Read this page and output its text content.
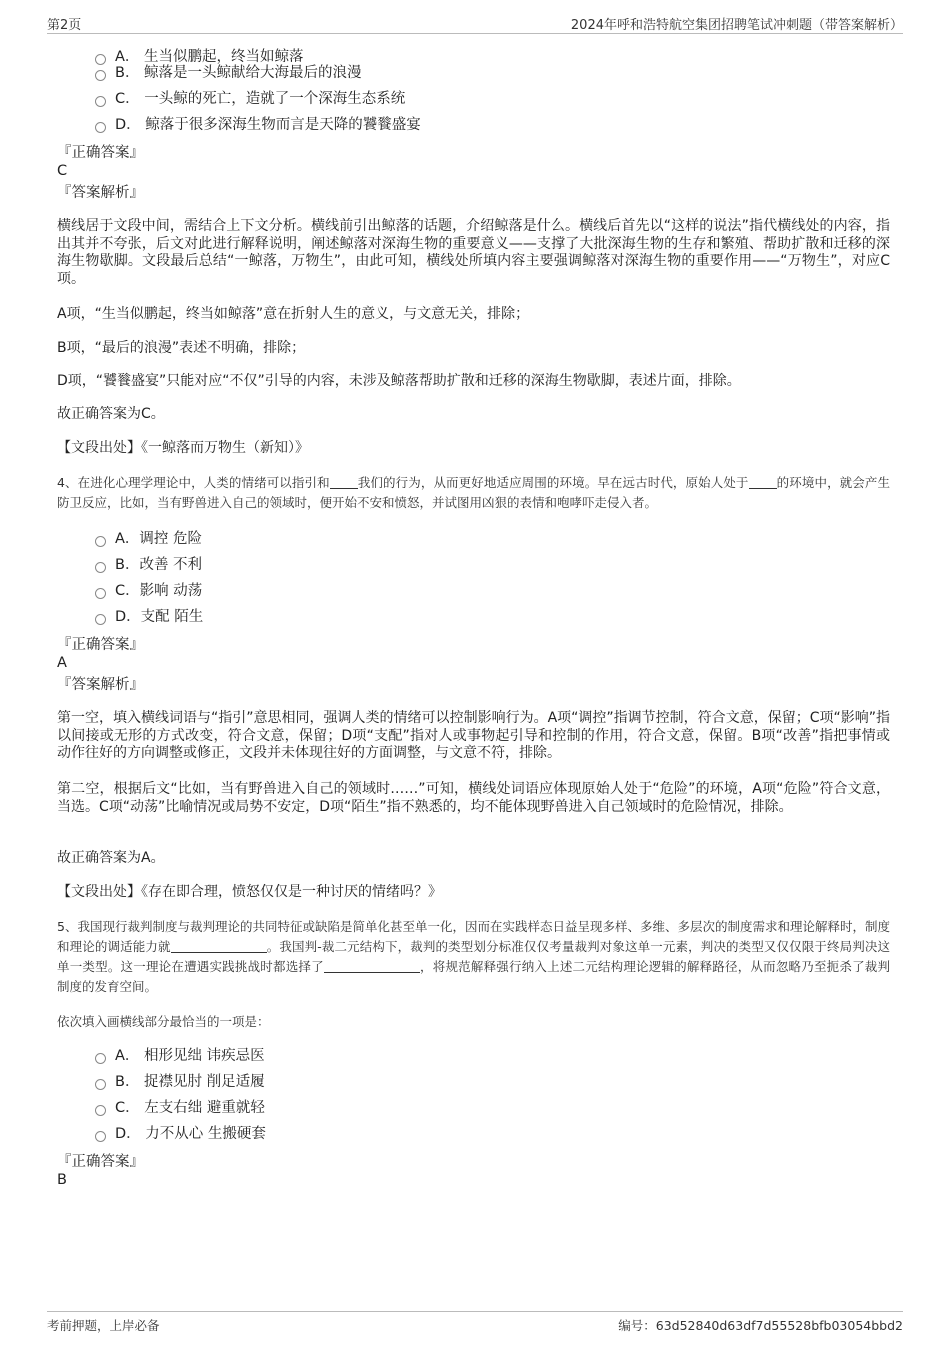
第2页	2024年呼和浩特航空集团招聘笔试冲刺题（带答案解析）
A． 生当似鹏起，终当如鲸落
B． 鲸落是一头鲸献给大海最后的浪漫
C． 一头鲸的死亡，造就了一个深海生态系统
D． 鲸落于很多深海生物而言是天降的饕餮盛宴
『正确答案』
C
『答案解析』
横线居于文段中间，需结合上下文分析。横线前引出鲸落的话题，介绍鲸落是什么。横线后首先以“这样的说法”指代横线处的内容，指出其并不夸张，后文对此进行解释说明，阐述鲸落对深海生物的重要意义——支撑了大批深海生物的生存和繁殖、帮助扩散和迁移的深海生物歇脚。文段最后总结“一鲸落，万物生”，由此可知，横线处所填内容主要强调鲸落对深海生物的重要作用——“万物生”，对应C项。
A项，“生当似鹏起，终当如鲸落”意在折射人生的意义，与文意无关，排除；
B项，“最后的浪漫”表述不明确，排除；
D项，“饕餮盛宴”只能对应“不仅”引导的内容，未涉及鲸落帮助扩散和迁移的深海生物歇脚，表述片面，排除。
故正确答案为C。
【文段出处】《一鲸落而万物生（新知）》
4、在进化心理学理论中，人类的情绪可以指引和 我们的行为，从而更好地适应周围的环境。早在远古时代，原始人处于 的环境中，就会产生防卫反应，比如，当有野兽进入自己的领域时，便开始不安和愤怒，并试图用凶狠的表情和咆哮吓走侵入者。
A．调控 危险
B．改善 不利
C．影响 动荡
D．支配 陌生
『正确答案』
A
『答案解析』
第一空，填入横线词语与“指引”意思相同，强调人类的情绪可以控制影响行为。A项“调控”指调节控制，符合文意，保留；C项“影响”指以间接或无形的方式改变，符合文意，保留；D项“支配”指对人或事物起引导和控制的作用，符合文意，保留。B项“改善”指把事情或动作往好的方向调整或修正，文段并未体现往好的方面调整，与文意不符，排除。
第二空，根据后文“比如，当有野兽进入自己的领域时……”可知，横线处词语应体现原始人处于“危险”的环境，A项“危险”符合文意，当选。C项“动荡”比喻情况或局势不安定，D项“陌生”指不熟悉的，均不能体现野兽进入自己领域时的危险情况，排除。
故正确答案为A。
【文段出处】《存在即合理，愤怒仅仅是一种讨厌的情绪吗？》
5、我国现行裁判制度与裁判理论的共同特征或缺陷是简单化甚至单一化，因而在实践样态日益呈现多样、多维、多层次的制度需求和理论解释时，制度和理论的调适能力就	。我国判-裁二元结构下，裁判的类型划分标准仅仅考量裁判对象这单一元素，判决的类型又仅仅限于终局判决这单一类型。这一理论在遭遇实践挑战时都选择了	，将规范解释强行纳入上述二元结构理论逻辑的解释路径，从而忽略乃至扼杀了裁判制度的发育空间。
依次填入画横线部分最恰当的一项是：
A． 相形见绌 讳疾忌医
B． 捉襟见肘 削足适履
C． 左支右绌 避重就轻
D． 力不从心 生搬硬套
『正确答案』
B
考前押题，上岸必备	编号：63d52840d63df7d55528bfb03054bbd2
